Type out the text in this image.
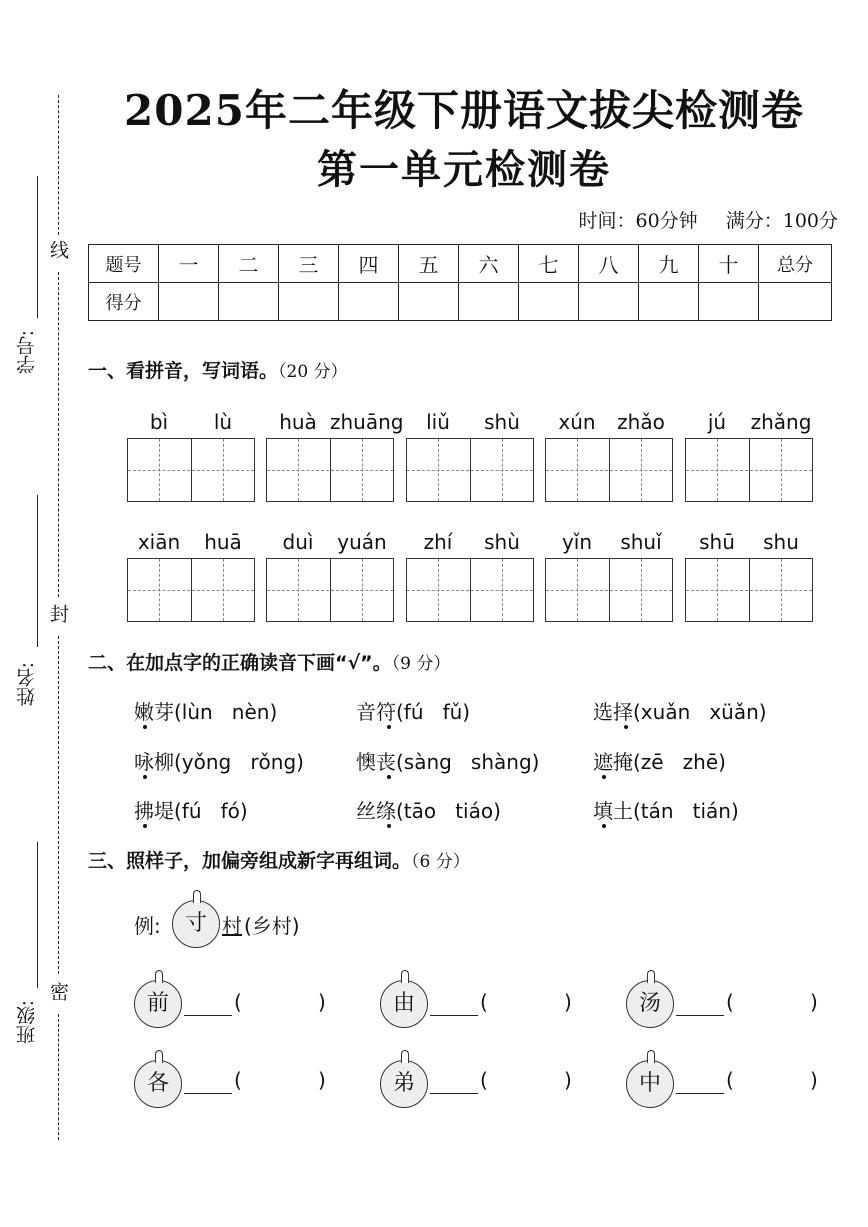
线
封
密
学号:
姓名:
班级:
2025年二年级下册语文拔尖检测卷
第一单元检测卷
时间：60分钟 满分：100分
题号	一	二	三	四	五	六	七	八	九	十	总分
得分											
一、看拼音，写词语。（20 分）
bì	lù	huà zhuāng	liǔ	shù	xún	zhǎo	jú	zhǎng
xiān	huā	duì	yuán	zhí	shù	yǐn	shuǐ	shū	shu
二、在加点字的正确读音下画“√”。（9 分）
嫩芽(lùn   nèn)	音符(fú   fǔ)	选择(xuǎn   xüǎn)
咏柳(yǒng   rǒng)	懊丧(sàng   shàng)	遮掩(zē   zhē)
拂堤(fú   fó)	丝绦(tāo   tiáo)	填土(tán   tián)
三、照样子，加偏旁组成新字再组词。（6 分）
例:	寸 村 (乡村)
前	(	)	由	(	)	汤	(	)
各	(	)	弟	(	)	中	(	)
